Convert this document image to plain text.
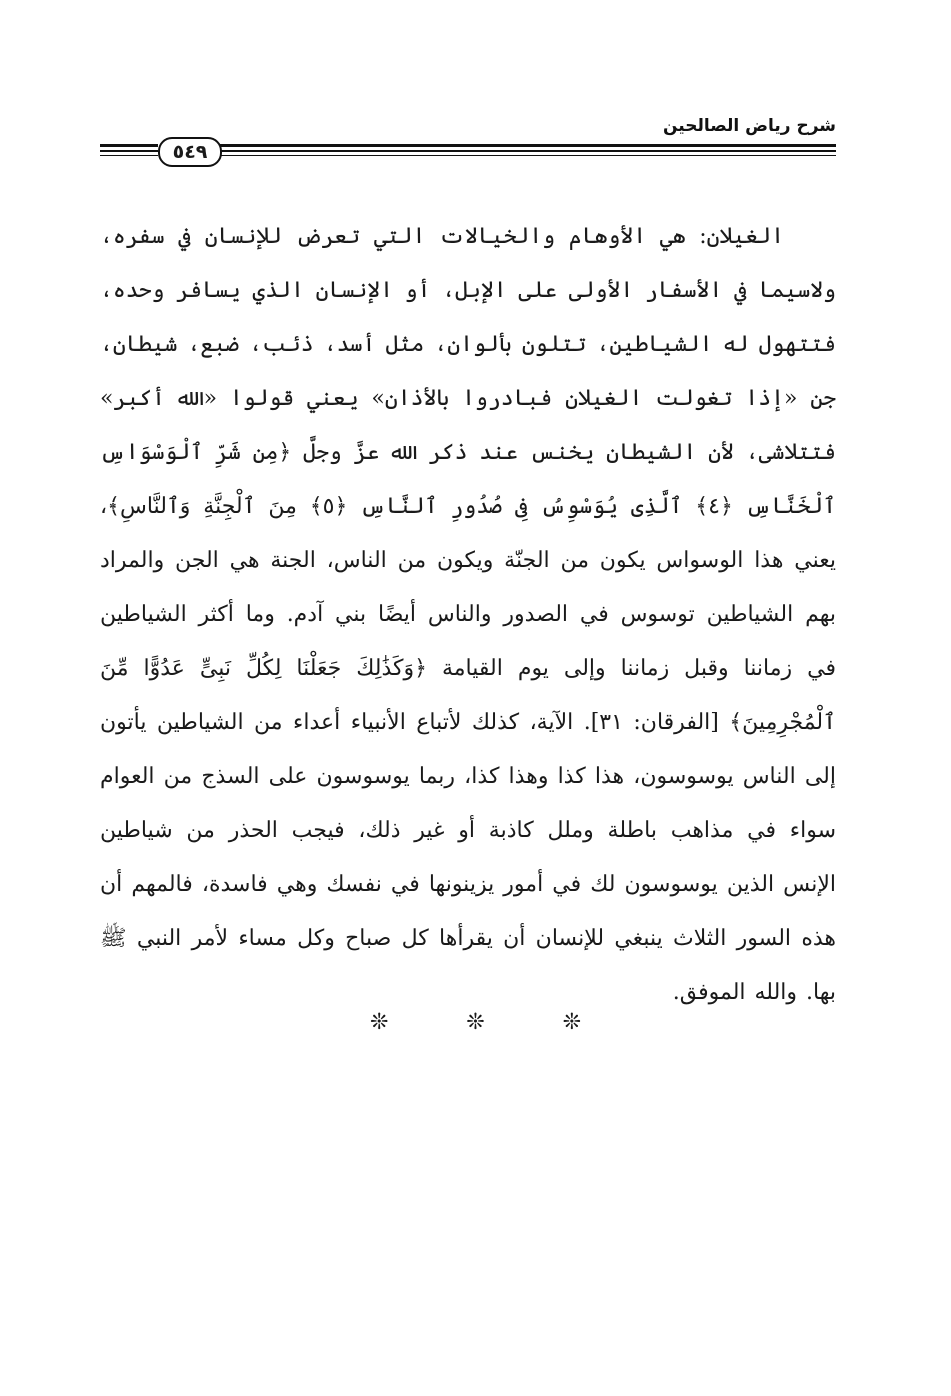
شرح رياض الصالحين
٥٤٩

الغيلان: هي الأوهام والخيالات التي تعرض للإنسان في سفره، ولاسيما في الأسفار الأولى على الإبل، أو الإنسان الذي يسافر وحده، فتتهول له الشياطين، تتلون بألوان، مثل أسد، ذئب، ضبع، شيطان، جن «إذا تغولت الغيلان فبادروا بالأذان» يعني قولوا «الله أكبر» فتتلاشى، لأن الشيطان يخنس عند ذكر الله عزَّ وجلَّ ﴿مِن شَرِّ ٱلْوَسْوَاسِ ٱلْخَنَّاسِ ﴿٤﴾ ٱلَّذِى يُوَسْوِسُ فِى صُدُورِ ٱلنَّاسِ ﴿٥﴾ مِنَ ٱلْجِنَّةِ وَٱلنَّاسِ﴾، يعني هذا الوسواس يكون من الجنّة ويكون من الناس، الجنة هي الجن والمراد بهم الشياطين توسوس في الصدور والناس أيضًا بني آدم. وما أكثر الشياطين في زماننا وقبل زماننا وإلى يوم القيامة ﴿وَكَذَٰلِكَ جَعَلْنَا لِكُلِّ نَبِىٍّ عَدُوًّا مِّنَ ٱلْمُجْرِمِينَ﴾ [الفرقان: ٣١]. الآية، كذلك لأتباع الأنبياء أعداء من الشياطين يأتون إلى الناس يوسوسون، هذا كذا وهذا كذا، ربما يوسوسون على السذج من العوام سواء في مذاهب باطلة وملل كاذبة أو غير ذلك، فيجب الحذر من شياطين الإنس الذين يوسوسون لك في أمور يزينونها في نفسك وهي فاسدة، فالمهم أن هذه السور الثلاث ينبغي للإنسان أن يقرأها كل صباح وكل مساء لأمر النبي ﷺ بها. والله الموفق.

❊	❊	❊
